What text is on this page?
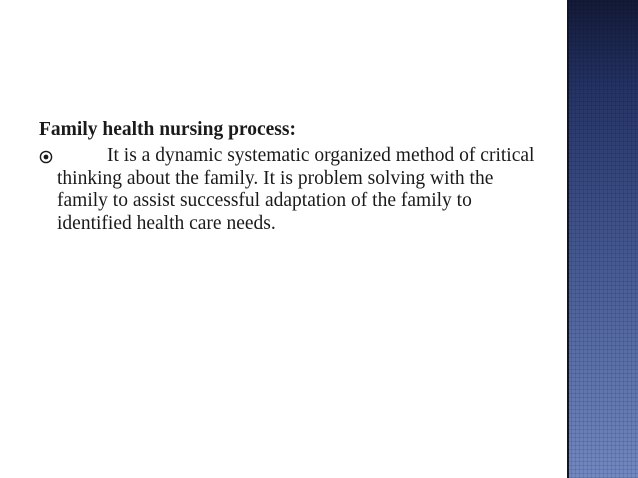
Family health nursing process:
It is a dynamic systematic organized method of critical thinking about the family. It is problem solving with the family to assist successful adaptation of the family to identified health care needs.
